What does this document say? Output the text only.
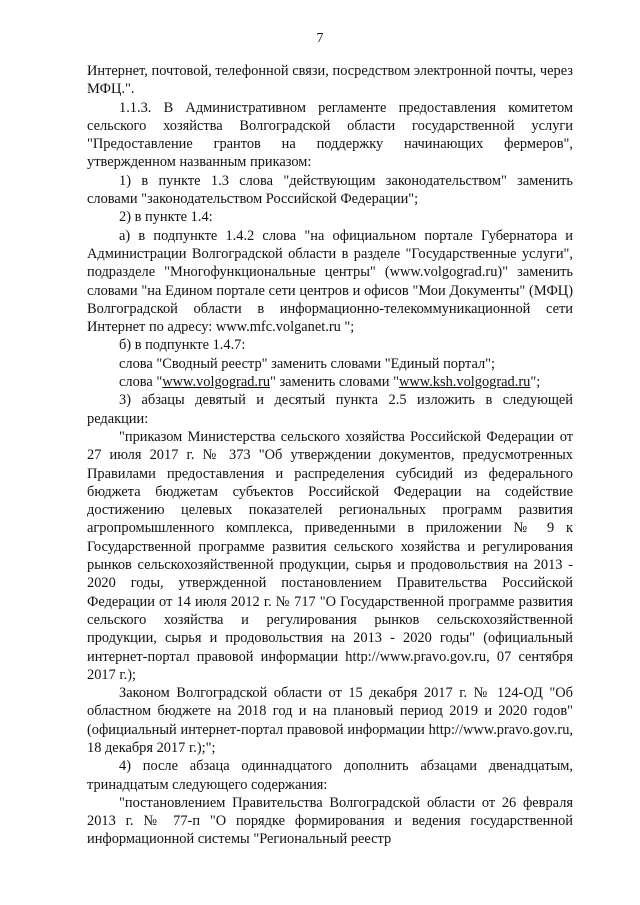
7

Интернет, почтовой, телефонной связи, посредством электронной почты, через МФЦ.".

1.1.3. В Административном регламенте предоставления комитетом сельского хозяйства Волгоградской области государственной услуги "Предоставление грантов на поддержку начинающих фермеров", утвержденном названным приказом:

1) в пункте 1.3 слова "действующим законодательством" заменить словами "законодательством Российской Федерации";

2) в пункте 1.4:

а) в подпункте 1.4.2 слова "на официальном портале Губернатора и Администрации Волгоградской области в разделе "Государственные услуги", подразделе "Многофункциональные центры" (www.volgograd.ru)" заменить словами "на Едином портале сети центров и офисов "Мои Документы" (МФЦ) Волгоградской области в информационно-телекоммуникационной сети Интернет по адресу: www.mfc.volganet.ru ";

б) в подпункте 1.4.7:

слова "Сводный реестр" заменить словами "Единый портал";

слова "www.volgograd.ru" заменить словами "www.ksh.volgograd.ru";

3) абзацы девятый и десятый пункта 2.5 изложить в следующей редакции:

"приказом Министерства сельского хозяйства Российской Федерации от 27 июля 2017 г. № 373 "Об утверждении документов, предусмотренных Правилами предоставления и распределения субсидий из федерального бюджета бюджетам субъектов Российской Федерации на содействие достижению целевых показателей региональных программ развития агропромышленного комплекса, приведенными в приложении № 9 к Государственной программе развития сельского хозяйства и регулирования рынков сельскохозяйственной продукции, сырья и продовольствия на 2013 - 2020 годы, утвержденной постановлением Правительства Российской Федерации от 14 июля 2012 г. № 717 "О Государственной программе развития сельского хозяйства и регулирования рынков сельскохозяйственной продукции, сырья и продовольствия на 2013 - 2020 годы" (официальный интернет-портал правовой информации http://www.pravo.gov.ru, 07 сентября 2017 г.);

Законом Волгоградской области от 15 декабря 2017 г. № 124-ОД "Об областном бюджете на 2018 год и на плановый период 2019 и 2020 годов" (официальный интернет-портал правовой информации http://www.pravo.gov.ru, 18 декабря 2017 г.);";

4) после абзаца одиннадцатого дополнить абзацами двенадцатым, тринадцатым следующего содержания:

"постановлением Правительства Волгоградской области от 26 февраля 2013 г. № 77-п "О порядке формирования и ведения государственной информационной системы "Региональный реестр
